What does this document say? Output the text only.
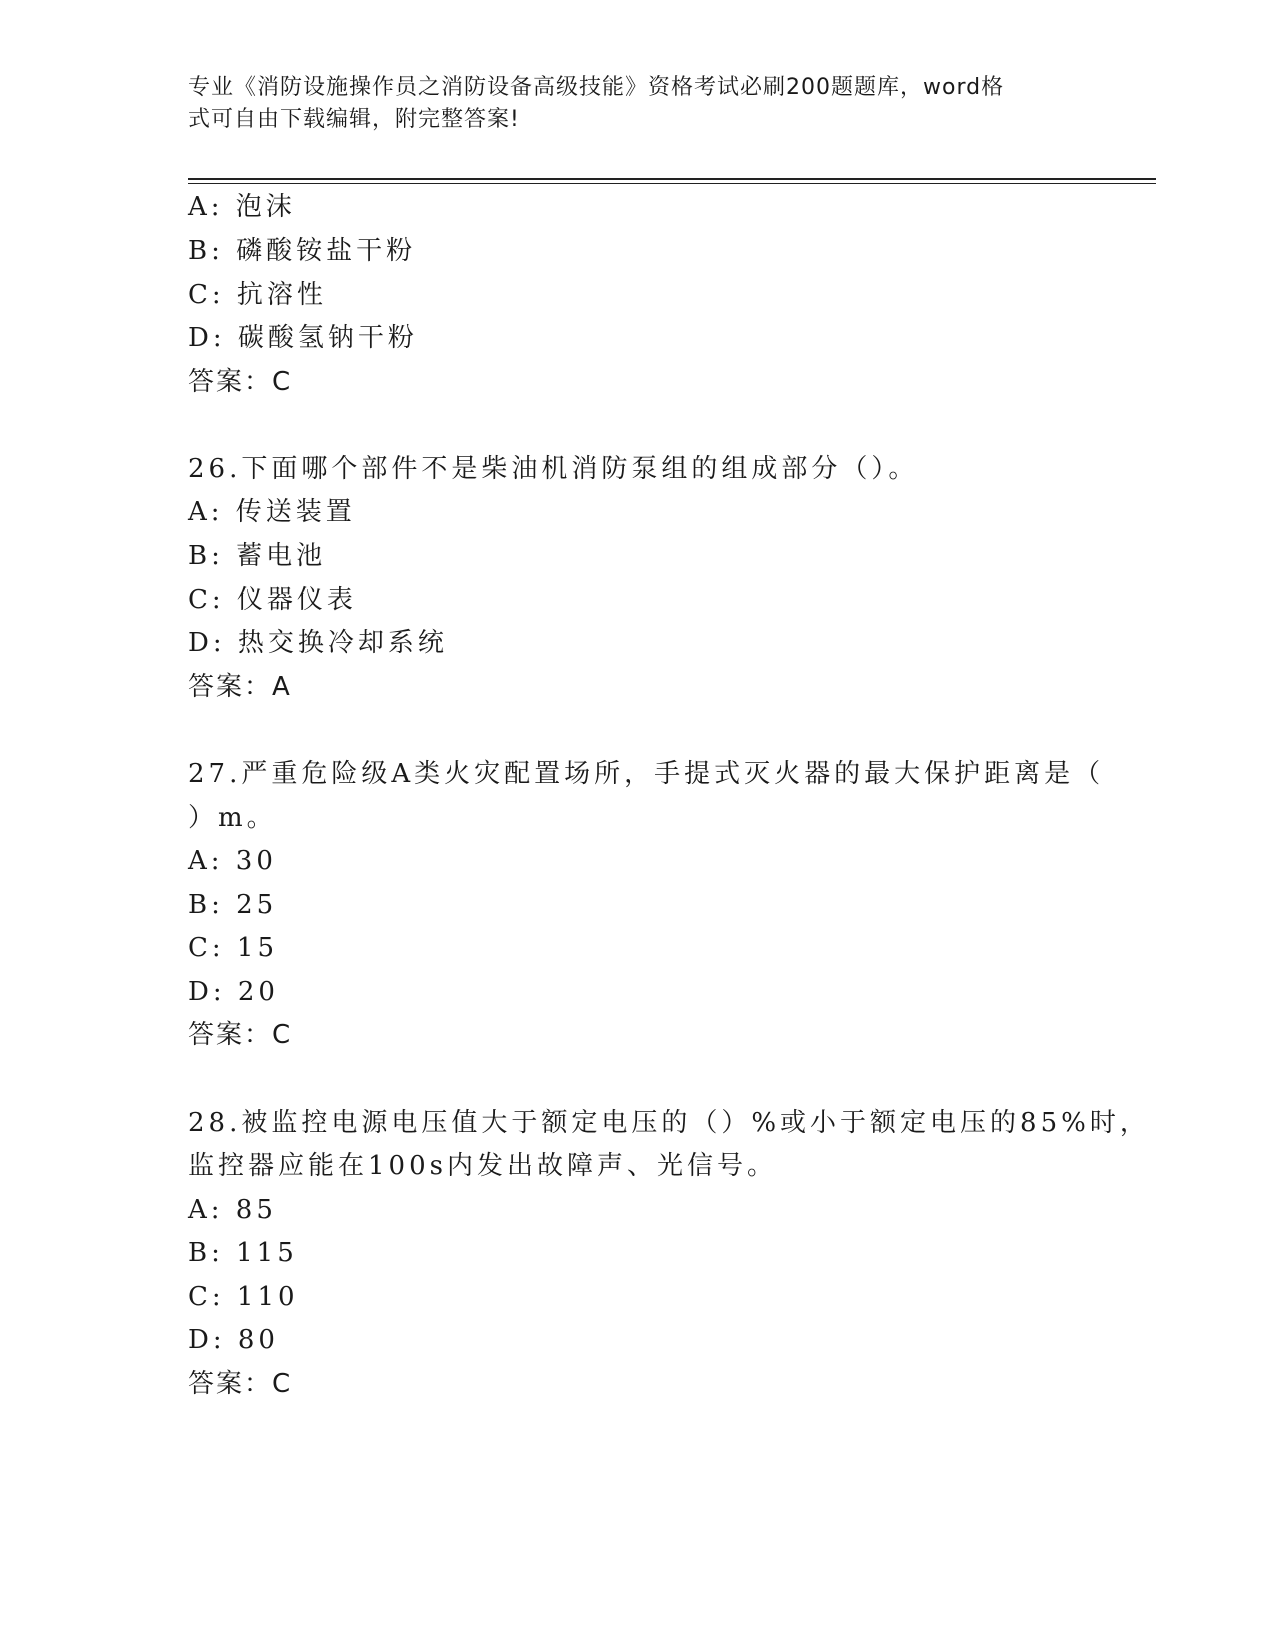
专业《消防设施操作员之消防设备高级技能》资格考试必刷200题题库，word格
式可自由下载编辑，附完整答案!
A: 泡沫
B: 磷酸铵盐干粉
C: 抗溶性
D: 碳酸氢钠干粉
答案：C
26.下面哪个部件不是柴油机消防泵组的组成部分（）。
A: 传送装置
B: 蓄电池
C: 仪器仪表
D: 热交换冷却系统
答案：A
27.严重危险级A类火灾配置场所，手提式灭火器的最大保护距离是（
）m。
A: 30
B: 25
C: 15
D: 20
答案：C
28.被监控电源电压值大于额定电压的（）%或小于额定电压的85%时，
监控器应能在100s内发出故障声、光信号。
A: 85
B: 115
C: 110
D: 80
答案：C
